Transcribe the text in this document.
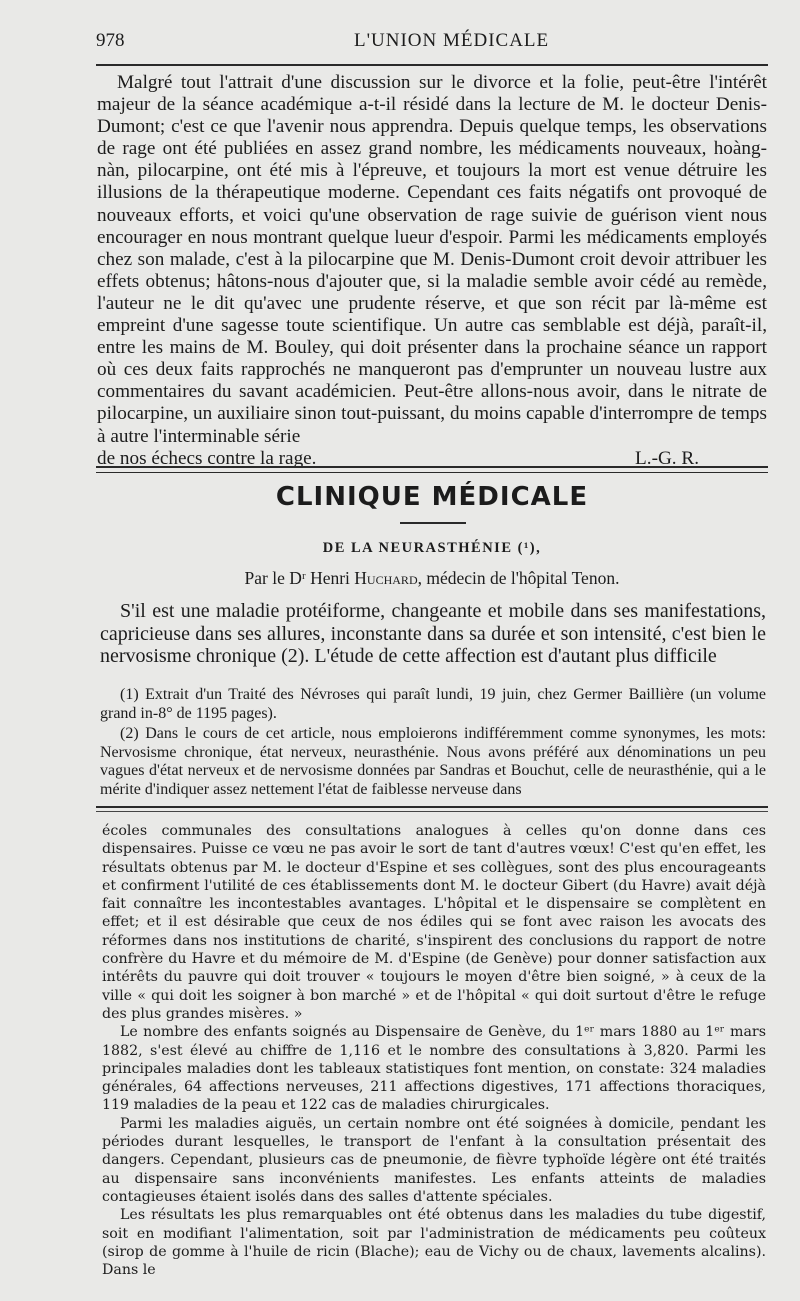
978	L'UNION MÉDICALE

Malgré tout l'attrait d'une discussion sur le divorce et la folie, peut-être l'intérêt majeur de la séance académique a-t-il résidé dans la lecture de M. le docteur Denis-Dumont; c'est ce que l'avenir nous apprendra. Depuis quelque temps, les observations de rage ont été publiées en assez grand nombre, les médicaments nouveaux, hoàng-nàn, pilocarpine, ont été mis à l'épreuve, et toujours la mort est venue détruire les illusions de la thérapeutique moderne. Cependant ces faits négatifs ont provoqué de nouveaux efforts, et voici qu'une observation de rage suivie de guérison vient nous encourager en nous montrant quelque lueur d'espoir. Parmi les médicaments employés chez son malade, c'est à la pilocarpine que M. Denis-Dumont croit devoir attribuer les effets obtenus; hâtons-nous d'ajouter que, si la maladie semble avoir cédé au remède, l'auteur ne le dit qu'avec une prudente réserve, et que son récit par là-même est empreint d'une sagesse toute scientifique. Un autre cas semblable est déjà, paraît-il, entre les mains de M. Bouley, qui doit présenter dans la prochaine séance un rapport où ces deux faits rapprochés ne manqueront pas d'emprunter un nouveau lustre aux commentaires du savant académicien. Peut-être allons-nous avoir, dans le nitrate de pilocarpine, un auxiliaire sinon tout-puissant, du moins capable d'interrompre de temps à autre l'interminable série

de nos échecs contre la rage.	L.-G. R.
CLINIQUE MÉDICALE
DE LA NEURASTHÉNIE (¹),
Par le Dʳ Henri Huchard, médecin de l'hôpital Tenon.

S'il est une maladie protéiforme, changeante et mobile dans ses manifestations, capricieuse dans ses allures, inconstante dans sa durée et son intensité, c'est bien le nervosisme chronique (2). L'étude de cette affection est d'autant plus difficile

(1) Extrait d'un Traité des Névroses qui paraît lundi, 19 juin, chez Germer Baillière (un volume grand in-8° de 1195 pages).

(2) Dans le cours de cet article, nous emploierons indifféremment comme synonymes, les mots: Nervosisme chronique, état nerveux, neurasthénie. Nous avons préféré aux dénominations un peu vagues d'état nerveux et de nervosisme données par Sandras et Bouchut, celle de neurasthénie, qui a le mérite d'indiquer assez nettement l'état de faiblesse nerveuse dans

écoles communales des consultations analogues à celles qu'on donne dans ces dispensaires. Puisse ce vœu ne pas avoir le sort de tant d'autres vœux! C'est qu'en effet, les résultats obtenus par M. le docteur d'Espine et ses collègues, sont des plus encourageants et confirment l'utilité de ces établissements dont M. le docteur Gibert (du Havre) avait déjà fait connaître les incontestables avantages. L'hôpital et le dispensaire se complètent en effet; et il est désirable que ceux de nos édiles qui se font avec raison les avocats des réformes dans nos institutions de charité, s'inspirent des conclusions du rapport de notre confrère du Havre et du mémoire de M. d'Espine (de Genève) pour donner satisfaction aux intérêts du pauvre qui doit trouver « toujours le moyen d'être bien soigné, » à ceux de la ville « qui doit les soigner à bon marché » et de l'hôpital « qui doit surtout d'être le refuge des plus grandes misères. »

Le nombre des enfants soignés au Dispensaire de Genève, du 1ᵉʳ mars 1880 au 1ᵉʳ mars 1882, s'est élevé au chiffre de 1,116 et le nombre des consultations à 3,820. Parmi les principales maladies dont les tableaux statistiques font mention, on constate: 324 maladies générales, 64 affections nerveuses, 211 affections digestives, 171 affections thoraciques, 119 maladies de la peau et 122 cas de maladies chirurgicales.

Parmi les maladies aiguës, un certain nombre ont été soignées à domicile, pendant les périodes durant lesquelles, le transport de l'enfant à la consultation présentait des dangers. Cependant, plusieurs cas de pneumonie, de fièvre typhoïde légère ont été traités au dispensaire sans inconvénients manifestes. Les enfants atteints de maladies contagieuses étaient isolés dans des salles d'attente spéciales.

Les résultats les plus remarquables ont été obtenus dans les maladies du tube digestif, soit en modifiant l'alimentation, soit par l'administration de médicaments peu coûteux (sirop de gomme à l'huile de ricin (Blache); eau de Vichy ou de chaux, lavements alcalins). Dans le
